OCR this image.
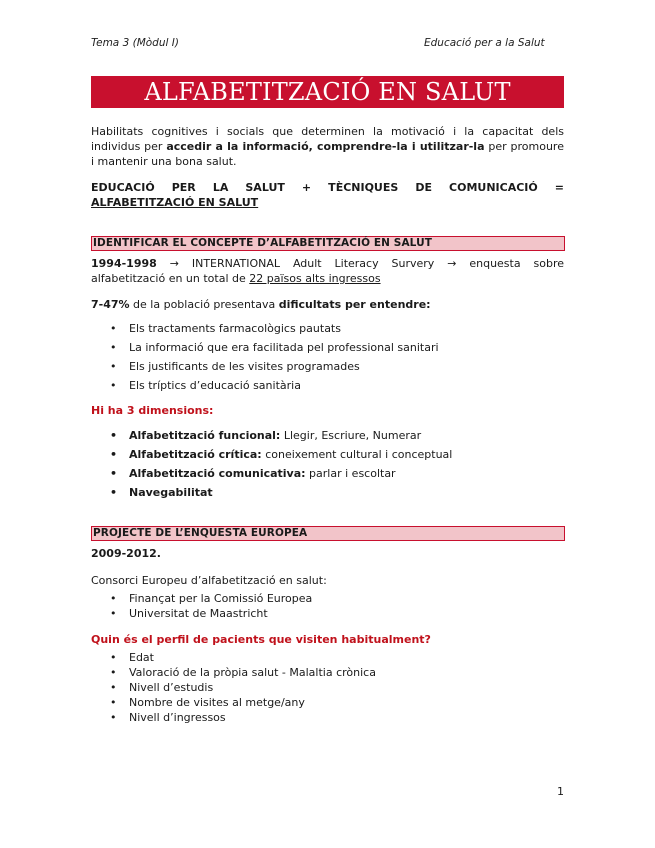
Tema 3 (Mòdul I)	Educació per a la Salut
ALFABETITZACIÓ EN SALUT
Habilitats cognitives i socials que determinen la motivació i la capacitat dels individus per accedir a la informació, comprendre-la i utilitzar-la per promoure i mantenir una bona salut.
EDUCACIÓ PER LA SALUT + TÈCNIQUES DE COMUNICACIÓ = ALFABETITZACIÓ EN SALUT
IDENTIFICAR EL CONCEPTE D’ALFABETITZACIÓ EN SALUT
1994-1998 → INTERNATIONAL Adult Literacy Survery → enquesta sobre alfabetització en un total de 22 països alts ingressos
7-47% de la població presentava dificultats per entendre:
• Els tractaments farmacològics pautats
• La informació que era facilitada pel professional sanitari
• Els justificants de les visites programades
• Els tríptics d’educació sanitària
Hi ha 3 dimensions:
• Alfabetització funcional: Llegir, Escriure, Numerar
• Alfabetització crítica: coneixement cultural i conceptual
• Alfabetització comunicativa: parlar i escoltar
• Navegabilitat
PROJECTE DE L’ENQUESTA EUROPEA
2009-2012.
Consorci Europeu d’alfabetització en salut:
• Finançat per la Comissió Europea
• Universitat de Maastricht
Quin és el perfil de pacients que visiten habitualment?
• Edat
• Valoració de la pròpia salut - Malaltia crònica
• Nivell d’estudis
• Nombre de visites al metge/any
• Nivell d’ingressos
1
